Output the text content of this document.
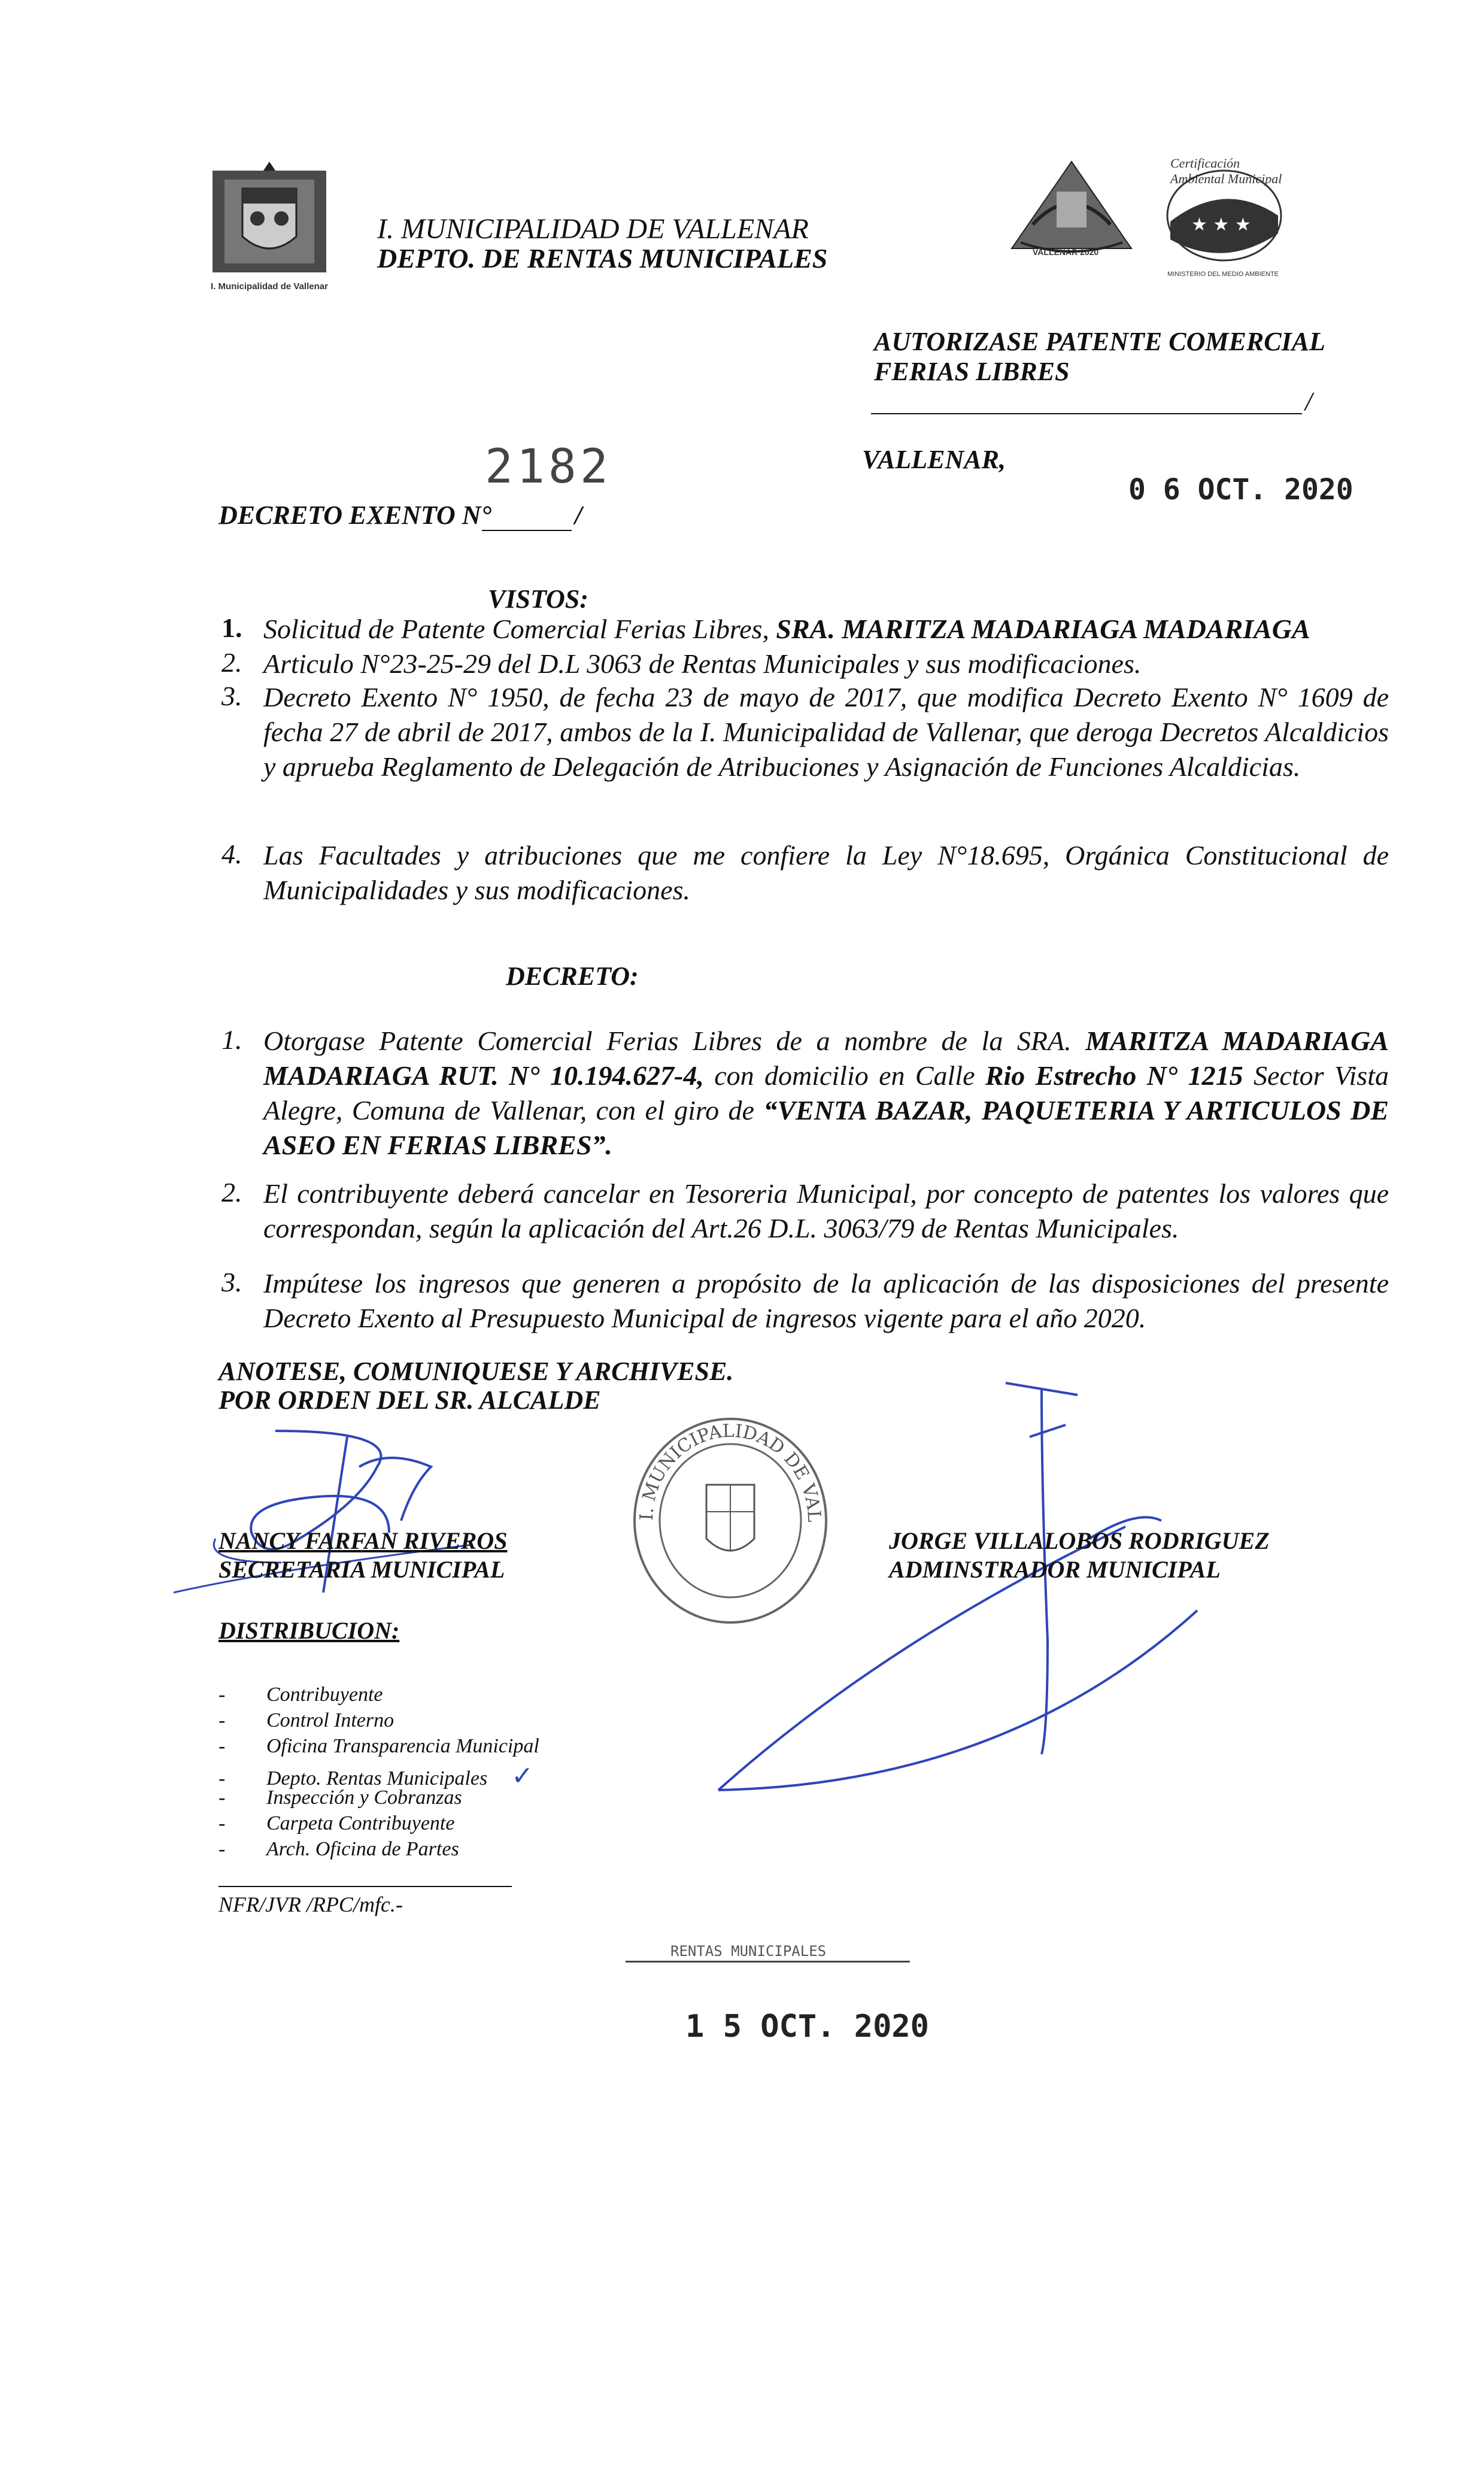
I. Municipalidad de Vallenar
I. MUNICIPALIDAD DE VALLENAR
DEPTO. DE RENTAS MUNICIPALES	VALLENAR 2020
★ ★ ★
Certificación Ambiental Municipal
MINISTERIO DEL MEDIO AMBIENTE
AUTORIZASE PATENTE COMERCIAL
FERIAS LIBRES
/
2182
DECRETO EXENTO N°	/
VALLENAR,
0 6 OCT. 2020
VISTOS:
1. Solicitud de Patente Comercial Ferias Libres, SRA. MARITZA MADARIAGA MADARIAGA
2. Articulo N°23-25-29 del D.L 3063 de Rentas Municipales y sus modificaciones.
3. Decreto Exento N° 1950, de fecha 23 de mayo de 2017, que modifica Decreto Exento N° 1609 de fecha 27 de abril de 2017, ambos de la I. Municipalidad de Vallenar, que deroga Decretos Alcaldicios y aprueba Reglamento de Delegación de Atribuciones y Asignación de Funciones Alcaldicias.
4. Las Facultades y atribuciones que me confiere la Ley N°18.695, Orgánica Constitucional de Municipalidades y sus modificaciones.
DECRETO:
1. Otorgase Patente Comercial Ferias Libres de a nombre de la SRA. MARITZA MADARIAGA MADARIAGA RUT. N° 10.194.627-4, con domicilio en Calle Rio Estrecho N° 1215 Sector Vista Alegre, Comuna de Vallenar, con el giro de “VENTA BAZAR, PAQUETERIA Y ARTICULOS DE ASEO EN FERIAS LIBRES”.
2. El contribuyente deberá cancelar en Tesoreria Municipal, por concepto de patentes los valores que correspondan, según la aplicación del Art.26 D.L. 3063/79 de Rentas Municipales.
3. Impútese los ingresos que generen a propósito de la aplicación de las disposiciones del presente Decreto Exento al Presupuesto Municipal de ingresos vigente para el año 2020.
ANOTESE, COMUNIQUESE Y ARCHIVESE.
POR ORDEN DEL SR. ALCALDE
NANCY FARFAN RIVEROS
SECRETARIA MUNICIPAL
I. MUNICIPALIDAD DE VAL
JORGE VILLALOBOS RODRIGUEZ
ADMINSTRADOR MUNICIPAL
DISTRIBUCION:
- Contribuyente
- Control Interno
- Oficina Transparencia Municipal
- Depto. Rentas Municipales ✓
- Inspección y Cobranzas
- Carpeta Contribuyente
- Arch. Oficina de Partes
NFR/JVR /RPC/mfc.-
RENTAS MUNICIPALES
1 5 OCT. 2020
